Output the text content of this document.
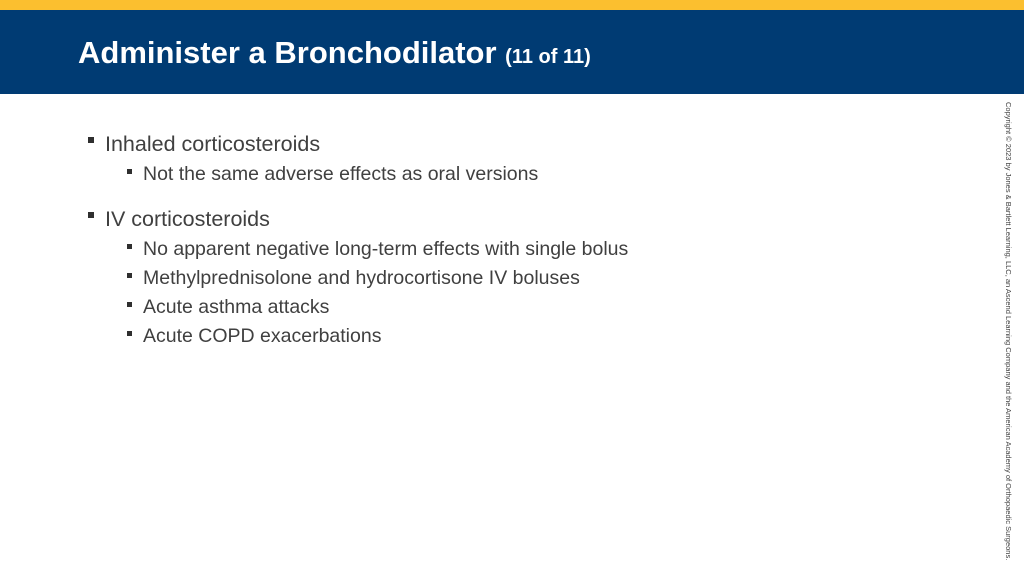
Administer a Bronchodilator (11 of 11)
Inhaled corticosteroids
Not the same adverse effects as oral versions
IV corticosteroids
No apparent negative long-term effects with single bolus
Methylprednisolone and hydrocortisone IV boluses
Acute asthma attacks
Acute COPD exacerbations	Copyright © 2023 by Jones & Bartlett Learning, LLC, an Ascend Learning Company and the American Academy of Orthopaedic Surgeons.
